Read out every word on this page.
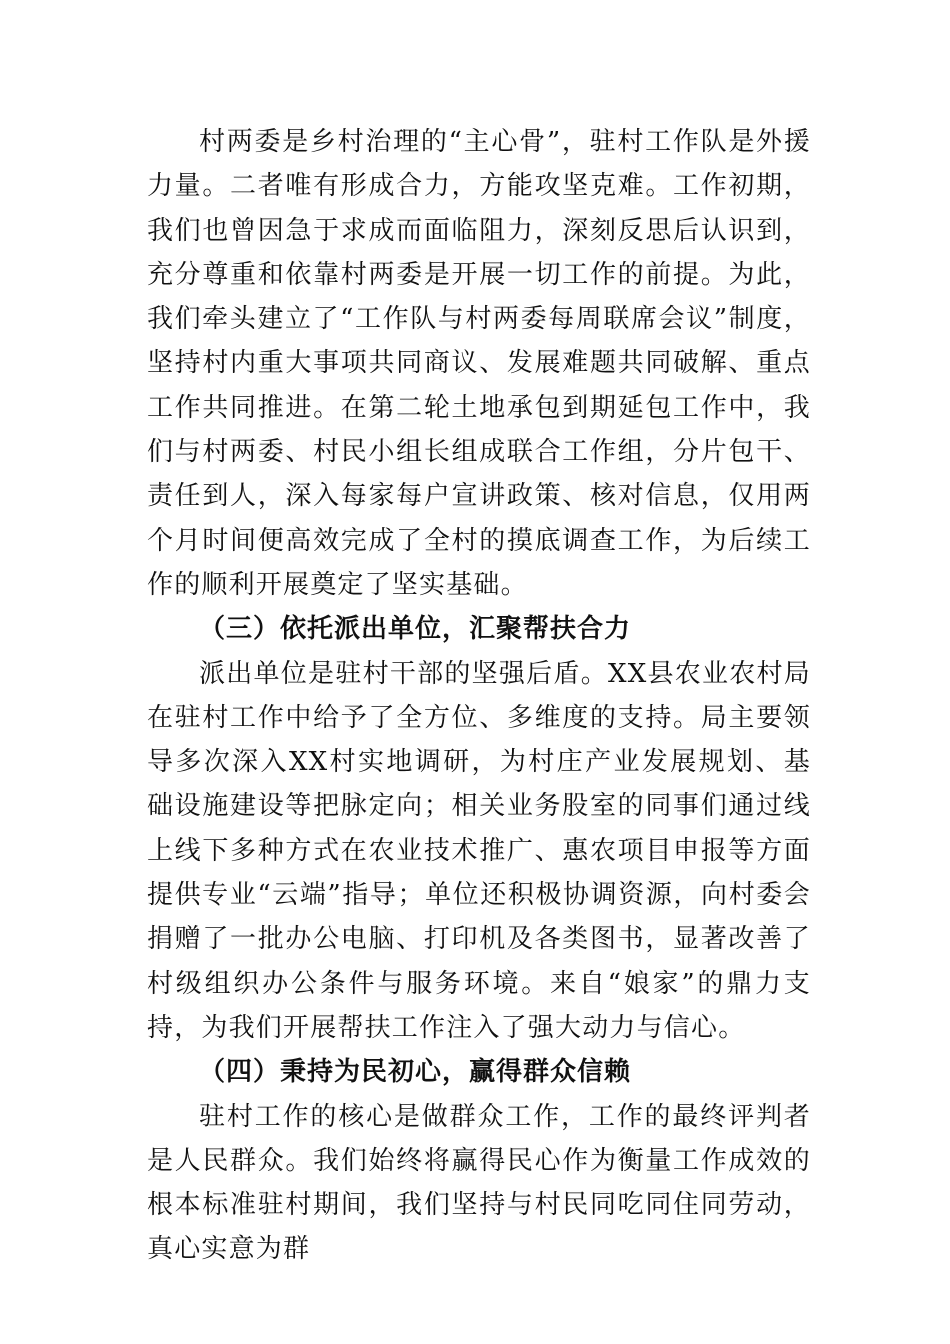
村两委是乡村治理的“主心骨”，驻村工作队是外援力量。二者唯有形成合力，方能攻坚克难。工作初期，我们也曾因急于求成而面临阻力，深刻反思后认识到，充分尊重和依靠村两委是开展一切工作的前提。为此，我们牵头建立了“工作队与村两委每周联席会议”制度，坚持村内重大事项共同商议、发展难题共同破解、重点工作共同推进。在第二轮土地承包到期延包工作中，我们与村两委、村民小组长组成联合工作组，分片包干、责任到人，深入每家每户宣讲政策、核对信息，仅用两个月时间便高效完成了全村的摸底调查工作，为后续工作的顺利开展奠定了坚实基础。

（三）依托派出单位，汇聚帮扶合力

派出单位是驻村干部的坚强后盾。XX县农业农村局在驻村工作中给予了全方位、多维度的支持。局主要领导多次深入XX村实地调研，为村庄产业发展规划、基础设施建设等把脉定向；相关业务股室的同事们通过线上线下多种方式在农业技术推广、惠农项目申报等方面提供专业“云端”指导；单位还积极协调资源，向村委会捐赠了一批办公电脑、打印机及各类图书，显著改善了村级组织办公条件与服务环境。来自“娘家”的鼎力支持，为我们开展帮扶工作注入了强大动力与信心。

（四）秉持为民初心，赢得群众信赖

驻村工作的核心是做群众工作，工作的最终评判者是人民群众。我们始终将赢得民心作为衡量工作成效的根本标准驻村期间，我们坚持与村民同吃同住同劳动，真心实意为群
